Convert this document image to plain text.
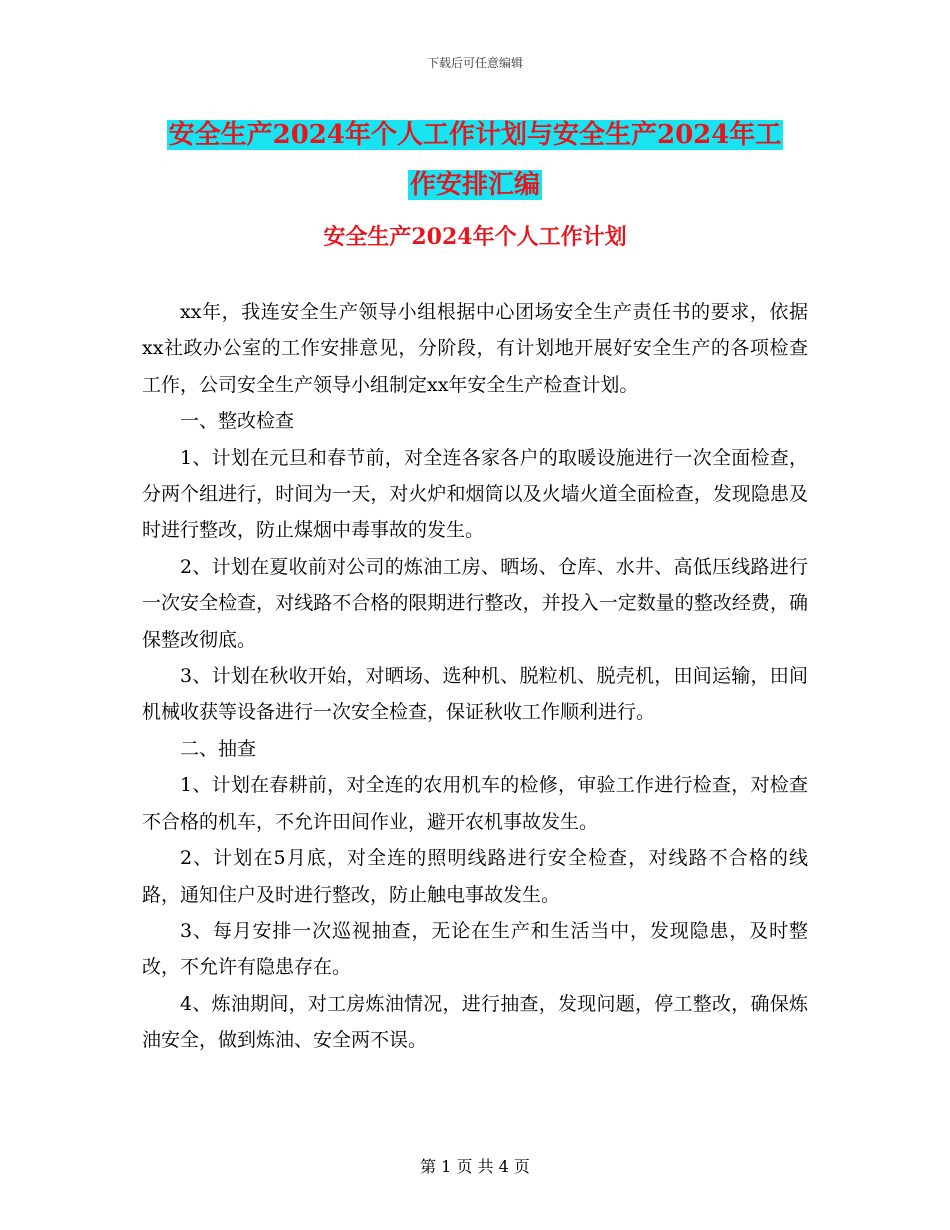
下载后可任意编辑
安全生产2024年个人工作计划与安全生产2024年工
作安排汇编
安全生产2024年个人工作计划

xx年，我连安全生产领导小组根据中心团场安全生产责任书的要求，依据xx社政办公室的工作安排意见，分阶段，有计划地开展好安全生产的各项检查工作，公司安全生产领导小组制定xx年安全生产检查计划。

一、整改检查

1、计划在元旦和春节前，对全连各家各户的取暖设施进行一次全面检查，分两个组进行，时间为一天，对火炉和烟筒以及火墙火道全面检查，发现隐患及时进行整改，防止煤烟中毒事故的发生。

2、计划在夏收前对公司的炼油工房、晒场、仓库、水井、高低压线路进行一次安全检查，对线路不合格的限期进行整改，并投入一定数量的整改经费，确保整改彻底。

3、计划在秋收开始，对晒场、选种机、脱粒机、脱壳机，田间运输，田间机械收获等设备进行一次安全检查，保证秋收工作顺利进行。

二、抽查

1、计划在春耕前，对全连的农用机车的检修，审验工作进行检查，对检查不合格的机车，不允许田间作业，避开农机事故发生。

2、计划在5月底，对全连的照明线路进行安全检查，对线路不合格的线路，通知住户及时进行整改，防止触电事故发生。

3、每月安排一次巡视抽查，无论在生产和生活当中，发现隐患，及时整改，不允许有隐患存在。

4、炼油期间，对工房炼油情况，进行抽查，发现问题，停工整改，确保炼油安全，做到炼油、安全两不误。

第 1 页 共 4 页
